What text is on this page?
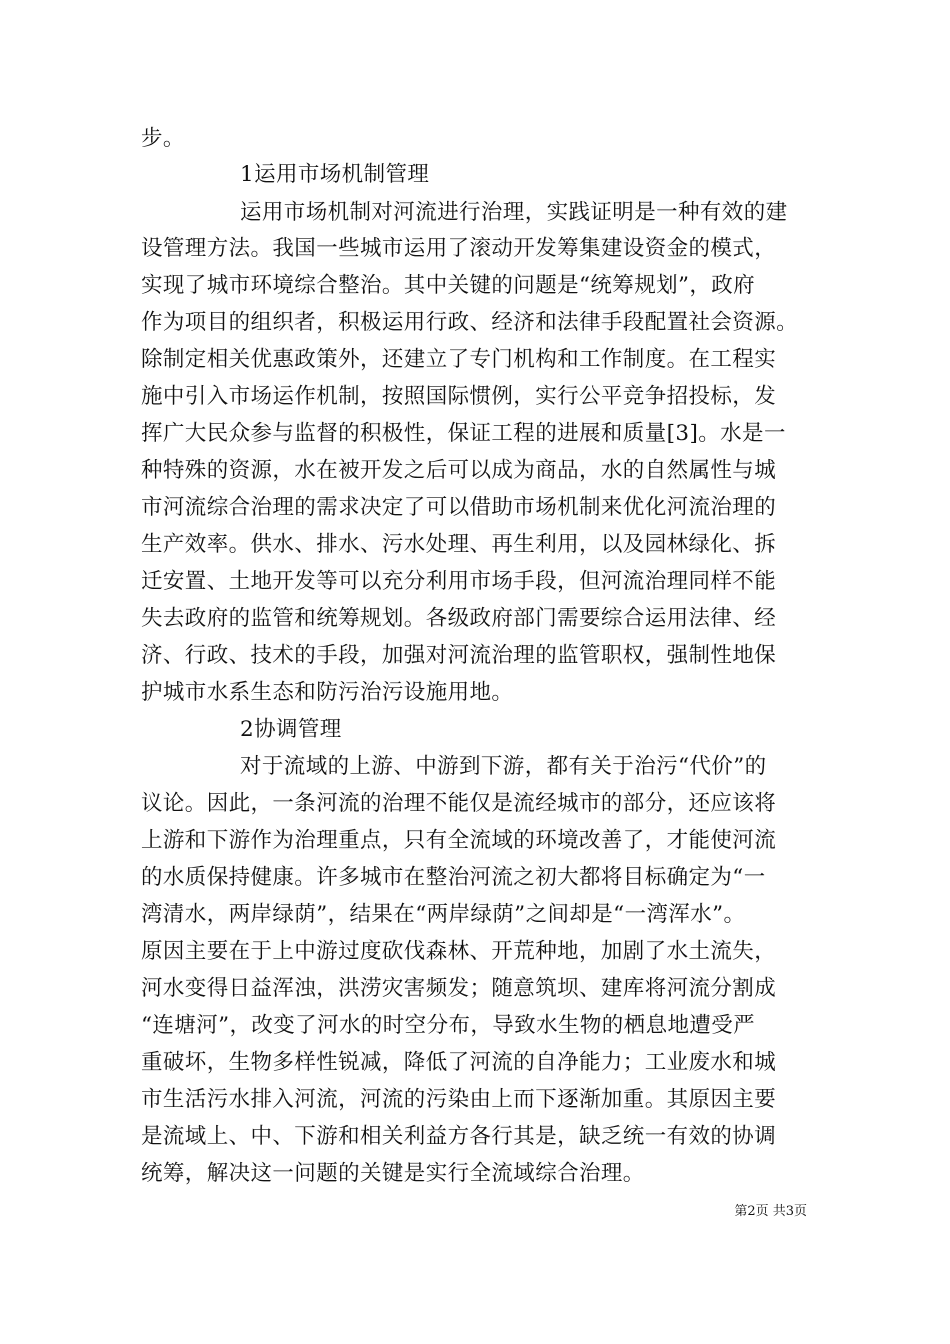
步。
1运用市场机制管理
运用市场机制对河流进行治理，实践证明是一种有效的建
设管理方法。我国一些城市运用了滚动开发筹集建设资金的模式，
实现了城市环境综合整治。其中关键的问题是“统筹规划”，政府
作为项目的组织者，积极运用行政、经济和法律手段配置社会资源。
除制定相关优惠政策外，还建立了专门机构和工作制度。在工程实
施中引入市场运作机制，按照国际惯例，实行公平竞争招投标，发
挥广大民众参与监督的积极性，保证工程的进展和质量[3]。水是一
种特殊的资源，水在被开发之后可以成为商品，水的自然属性与城
市河流综合治理的需求决定了可以借助市场机制来优化河流治理的
生产效率。供水、排水、污水处理、再生利用，以及园林绿化、拆
迁安置、土地开发等可以充分利用市场手段，但河流治理同样不能
失去政府的监管和统筹规划。各级政府部门需要综合运用法律、经
济、行政、技术的手段，加强对河流治理的监管职权，强制性地保
护城市水系生态和防污治污设施用地。
2协调管理
对于流域的上游、中游到下游，都有关于治污“代价”的
议论。因此，一条河流的治理不能仅是流经城市的部分，还应该将
上游和下游作为治理重点，只有全流域的环境改善了，才能使河流
的水质保持健康。许多城市在整治河流之初大都将目标确定为“一
湾清水，两岸绿荫”，结果在“两岸绿荫”之间却是“一湾浑水”。
原因主要在于上中游过度砍伐森林、开荒种地，加剧了水土流失，
河水变得日益浑浊，洪涝灾害频发；随意筑坝、建库将河流分割成
“连塘河”，改变了河水的时空分布，导致水生物的栖息地遭受严
重破坏，生物多样性锐减，降低了河流的自净能力；工业废水和城
市生活污水排入河流，河流的污染由上而下逐渐加重。其原因主要
是流域上、中、下游和相关利益方各行其是，缺乏统一有效的协调
统筹，解决这一问题的关键是实行全流域综合治理。
第2页 共3页
